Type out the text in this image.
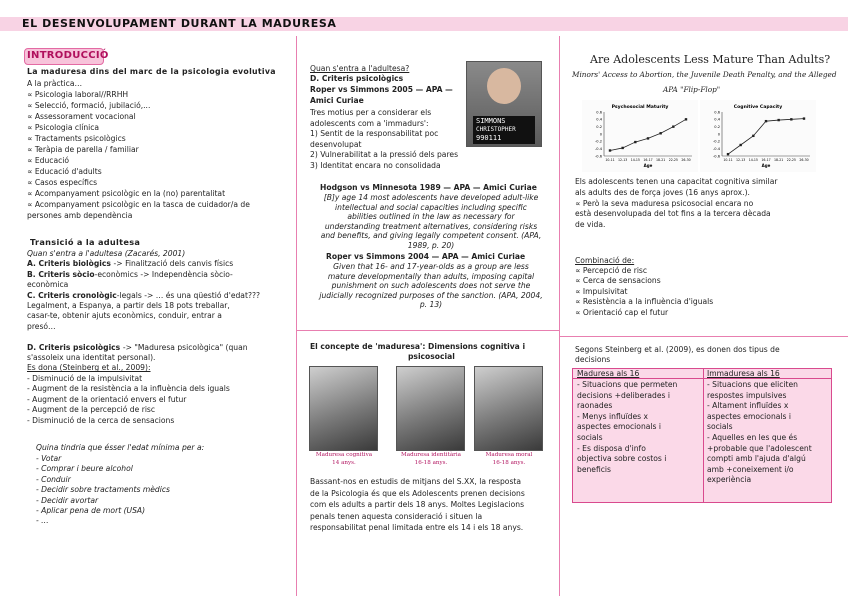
EL DESENVOLUPAMENT DURANT LA MADURESA
INTRODUCCIÓ
La maduresa dins del marc de la psicologia evolutiva
A la pràctica…
∝ Psicologia laboral//RRHH
∝ Selecció, formació, jubilació,...
∝ Assessorament vocacional
∝ Psicologia clínica
∝ Tractaments psicològics
∝ Teràpia de parella / familiar
∝ Educació
∝ Educació d'adults
∝ Casos específics
∝ Acompanyament psicològic en la (no) parentalitat
∝ Acompanyament psicològic en la tasca de cuidador/a de
persones amb dependència
Transició a la adultesa
Quan s'entra a l'adultesa (Zacarés, 2001)
A. Criteris biològics -> Finalització dels canvis físics
B. Criteris sòcio-econòmics -> Independència sòcio-
econòmica
C. Criteris cronològic-legals -> … és una qüestió d'edat???
Legalment, a Espanya, a partir dels 18 pots treballar,
casar-te, obtenir ajuts econòmics, conduir, entrar a
presó…

D. Criteris psicològics -> "Maduresa psicològica" (quan
s'assoleix una identitat personal).
Es dona (Steinberg et al., 2009):
- Disminució de la impulsivitat
- Augment de la resistència a la influència dels iguals
- Augment de la orientació envers el futur
- Augment de la percepció de risc
- Disminució de la cerca de sensacions
Quina tindria que ésser l'edat mínima per a:
- Votar
- Comprar i beure alcohol
- Conduir
- Decidir sobre tractaments mèdics
- Decidir avortar
- Aplicar pena de mort (USA)
- …
Quan s'entra a l'adultesa?
D. Criteris psicològics
Roper vs Simmons 2005 — APA —
Amici Curiae
Tres motius per a considerar els
adolescents com a 'immadurs':
1) Sentit de la responsabilitat poc
desenvolupat
2) Vulnerabilitat a la pressió dels pares
3) Identitat encara no consolidada
SIMMONS
CHRISTOPHER
990111
Hodgson vs Minnesota 1989 — APA — Amici Curiae
[B]y age 14 most adolescents have developed adult-like
intellectual and social capacities including specific
abilities outlined in the law as necessary for
understanding treatment alternatives, considering risks
and benefits, and giving legally competent consent. (APA,
1989, p. 20)
Roper vs Simmons 2004 — APA — Amici Curiae
Given that 16- and 17-year-olds as a group are less
mature developmentally than adults, imposing capital
punishment on such adolescents does not serve the
judicially recognized purposes of the sanction. (APA, 2004,
p. 13)
El concepte de 'maduresa': Dimensions cognitiva i
psicosocial
Maduresa cognitiva
14 anys.
Maduresa identitària
16-18 anys.
Maduresa moral
16-18 anys.
Bassant-nos en estudis de mitjans del S.XX, la resposta
de la Psicologia és que els Adolescents prenen decisions
com els adults a partir dels 18 anys. Moltes Legislacions
penals tenen aquesta consideració i situen la
responsabilitat penal limitada entre els 14 i els 18 anys.
Are Adolescents Less Mature Than Adults?
Minors' Access to Abortion, the Juvenile Death Penalty, and the Alleged
APA "Flip-Flop"
Psychosocial Maturity
0.6
0.4
0.2
0
-0.2
-0.4
-0.6
10-11 12-13 14-15 16-17 18-21 22-25 26-30
Age
Cognitive Capacity
0.6
0.4
0.2
0
-0.2
-0.4
-0.6
10-11 12-13 14-15 16-17 18-21 22-25 26-30
Age
Els adolescents tenen una capacitat cognitiva similar
als adults des de força joves (16 anys aprox.).
∝ Però la seva maduresa psicosocial encara no
està desenvolupada del tot fins a la tercera dècada
de vida.
Combinació de:
∝ Percepció de risc
∝ Cerca de sensacions
∝ Impulsivitat
∝ Resistència a la influència d'iguals
∝ Orientació cap el futur
Segons Steinberg et al. (2009), es donen dos tipus de
decisions
Maduresa als 16	Immaduresa als 16
- Situacions que permeten
decisions +deliberades i
raonades
- Menys influïdes x
aspectes emocionals i
socials
- Es disposa d'info
objectiva sobre costos i
beneficis
- Situacions que eliciten
respostes impulsives
- Altament influïdes x
aspectes emocionals i
socials
- Aquelles en les que és
+probable que l'adolescent
compti amb l'ajuda d'algú
amb +coneixement i/o
experiència
